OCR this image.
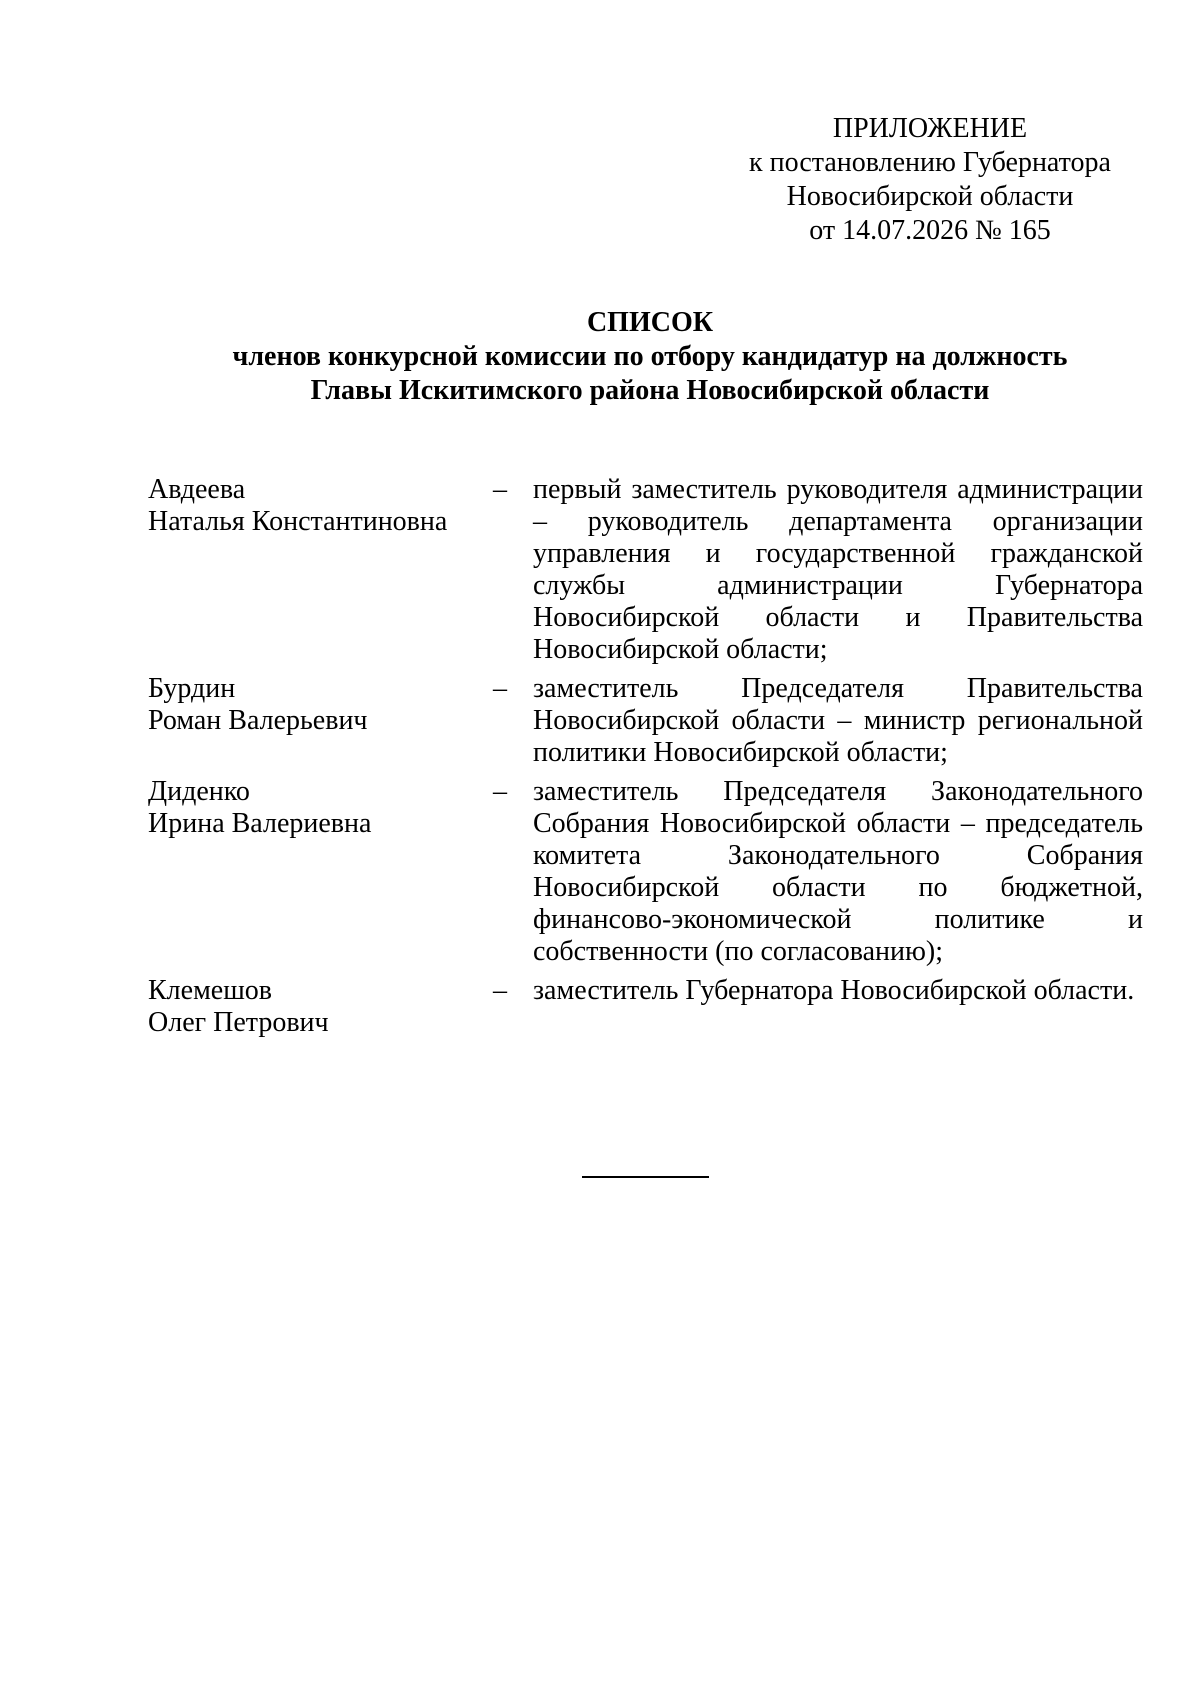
ПРИЛОЖЕНИЕ
к постановлению Губернатора
Новосибирской области
от 14.07.2026 № 165
СПИСОК
членов конкурсной комиссии по отбору кандидатур на должность
Главы Искитимского района Новосибирской области
Авдеева
Наталья Константиновна
– первый заместитель руководителя администрации – руководитель департамента организации управления и государственной гражданской службы администрации Губернатора Новосибирской области и Правительства Новосибирской области;
Бурдин
Роман Валерьевич
– заместитель Председателя Правительства Новосибирской области – министр региональной политики Новосибирской области;
Диденко
Ирина Валериевна
– заместитель Председателя Законодательного Собрания Новосибирской области – председатель комитета Законодательного Собрания Новосибирской области по бюджетной, финансово-экономической политике и собственности (по согласованию);
Клемешов
Олег Петрович
– заместитель Губернатора Новосибирской области.
